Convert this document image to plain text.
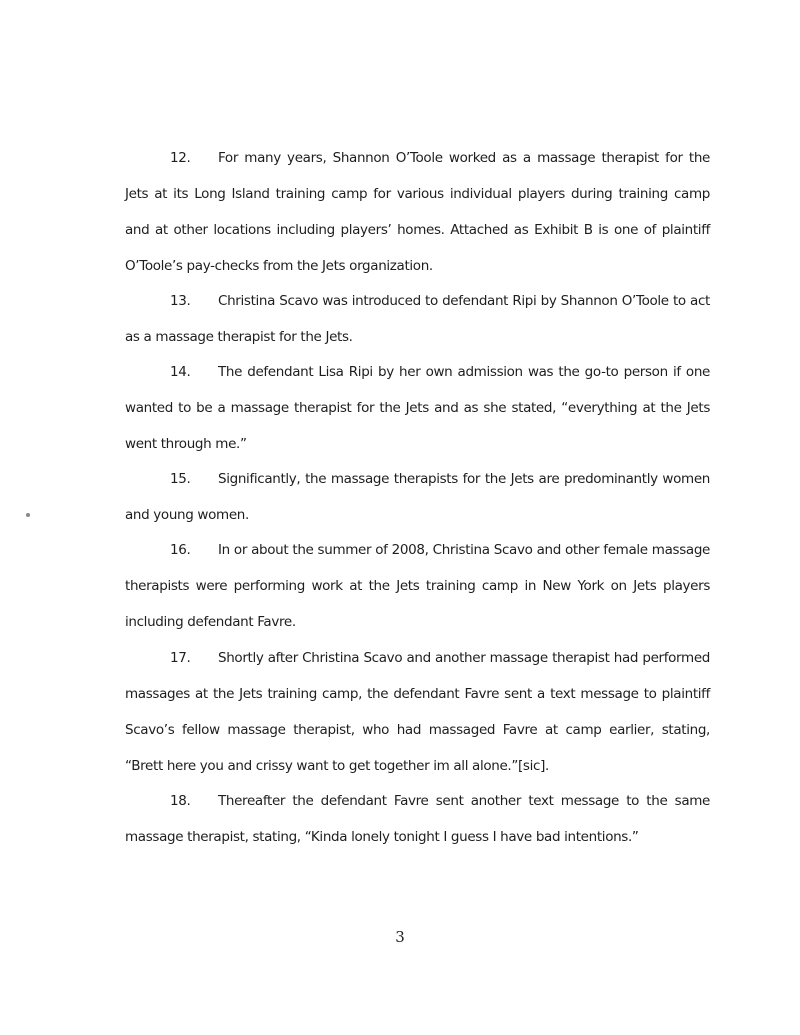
12. For many years, Shannon O’Toole worked as a massage therapist for the Jets at its Long Island training camp for various individual players during training camp and at other locations including players’ homes. Attached as Exhibit B is one of plaintiff O’Toole’s pay-checks from the Jets organization.

13. Christina Scavo was introduced to defendant Ripi by Shannon O’Toole to act as a massage therapist for the Jets.

14. The defendant Lisa Ripi by her own admission was the go-to person if one wanted to be a massage therapist for the Jets and as she stated, “everything at the Jets went through me.”

15. Significantly, the massage therapists for the Jets are predominantly women and young women.

16. In or about the summer of 2008, Christina Scavo and other female massage therapists were performing work at the Jets training camp in New York on Jets players including defendant Favre.

17. Shortly after Christina Scavo and another massage therapist had performed massages at the Jets training camp, the defendant Favre sent a text message to plaintiff Scavo’s fellow massage therapist, who had massaged Favre at camp earlier, stating, “Brett here you and crissy want to get together im all alone.”[sic].

18. Thereafter the defendant Favre sent another text message to the same massage therapist, stating, “Kinda lonely tonight I guess I have bad intentions.”

3
